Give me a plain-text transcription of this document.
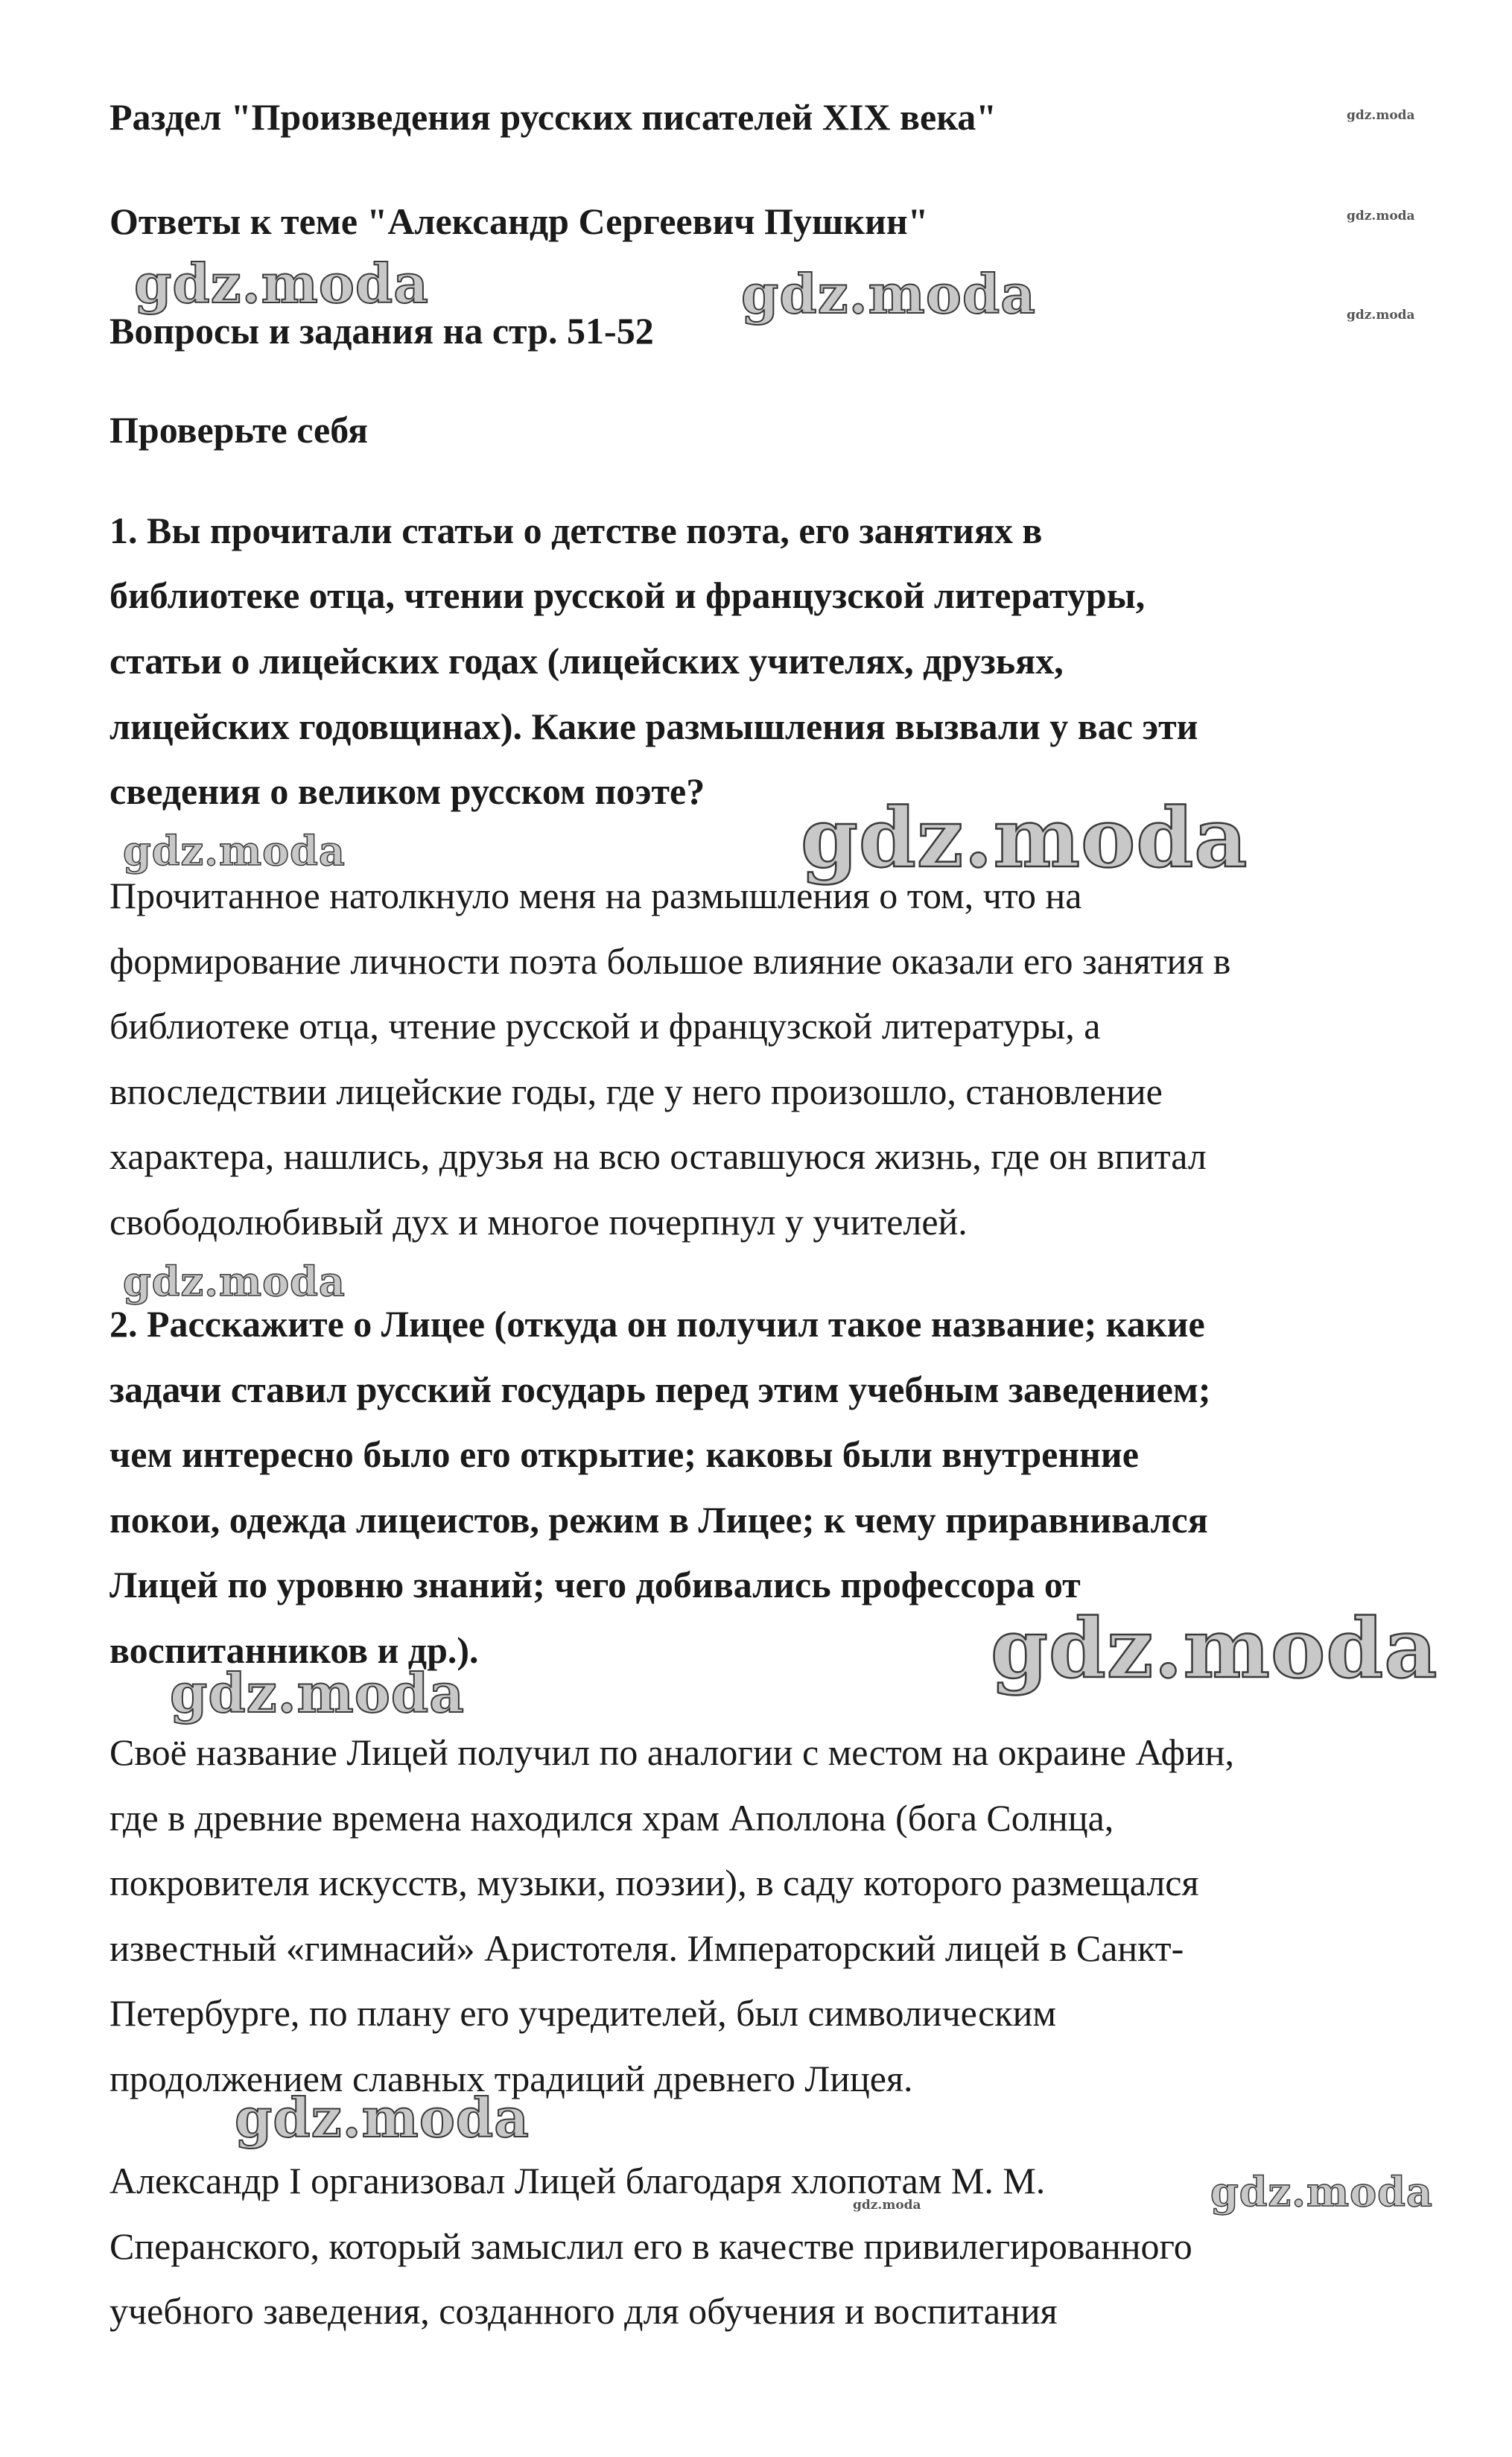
Раздел "Произведения русских писателей XIX века"
Ответы к теме "Александр Сергеевич Пушкин"
Вопросы и задания на стр. 51-52
Проверьте себя
1. Вы прочитали статьи о детстве поэта, его занятиях в
библиотеке отца, чтении русской и французской литературы,
статьи о лицейских годах (лицейских учителях, друзьях,
лицейских годовщинах). Какие размышления вызвали у вас эти
сведения о великом русском поэте?
Прочитанное натолкнуло меня на размышления о том, что на
формирование личности поэта большое влияние оказали его занятия в
библиотеке отца, чтение русской и французской литературы, а
впоследствии лицейские годы, где у него произошло, становление
характера, нашлись, друзья на всю оставшуюся жизнь, где он впитал
свободолюбивый дух и многое почерпнул у учителей.
2. Расскажите о Лицее (откуда он получил такое название; какие
задачи ставил русский государь перед этим учебным заведением;
чем интересно было его открытие; каковы были внутренние
покои, одежда лицеистов, режим в Лицее; к чему приравнивался
Лицей по уровню знаний; чего добивались профессора от
воспитанников и др.).
Своё название Лицей получил по аналогии с местом на окраине Афин,
где в древние времена находился храм Аполлона (бога Солнца,
покровителя искусств, музыки, поэзии), в саду которого размещался
известный «гимнасий» Аристотеля. Императорский лицей в Санкт-
Петербурге, по плану его учредителей, был символическим
продолжением славных традиций древнего Лицея.
Александр I организовал Лицей благодаря хлопотам М. М.
Сперанского, который замыслил его в качестве привилегированного
учебного заведения, созданного для обучения и воспитания
gdz.moda
gdz.moda
gdz.moda
gdz.moda	gdz.moda
gdz.moda	gdz.moda
gdz.moda
gdz.moda
gdz.moda
gdz.moda
gdz.moda
gdz.moda
